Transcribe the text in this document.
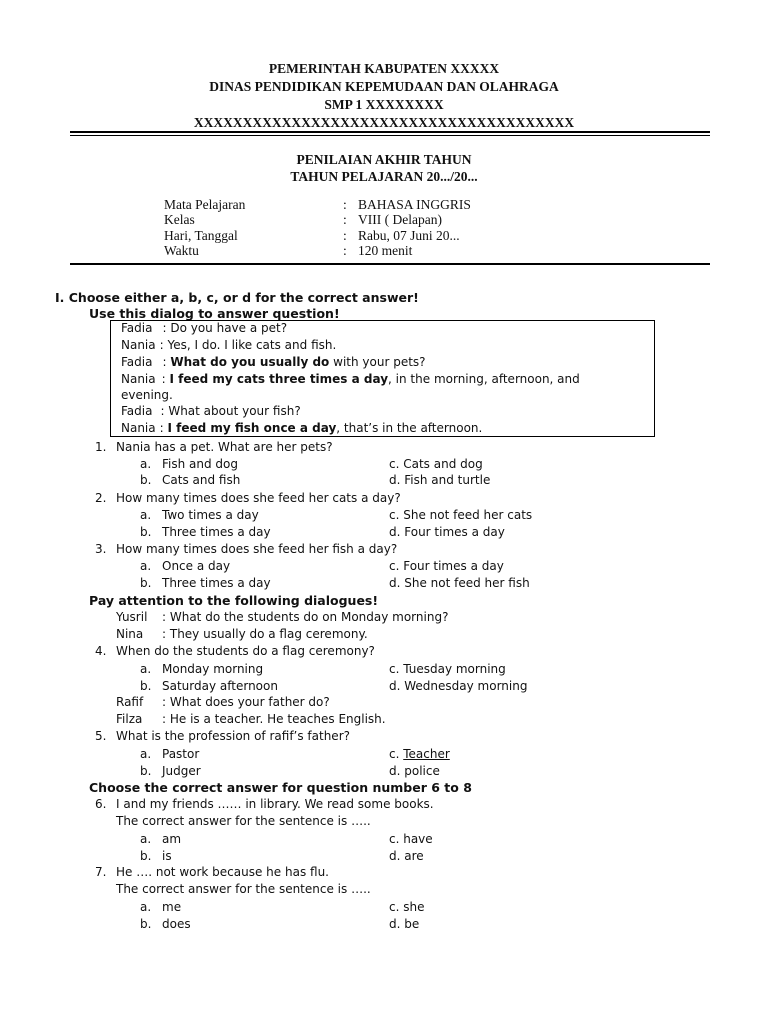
PEMERINTAH KABUPATEN XXXXX
DINAS PENDIDIKAN KEPEMUDAAN DAN OLAHRAGA
SMP 1 XXXXXXXX
XXXXXXXXXXXXXXXXXXXXXXXXXXXXXXXXXXXXXXX
PENILAIAN AKHIR TAHUN
TAHUN PELAJARAN 20.../20...
Mata Pelajaran	: BAHASA INGGRIS
Kelas	: VIII ( Delapan)
Hari, Tanggal	: Rabu, 07 Juni 20...
Waktu	: 120 menit
I. Choose either a, b, c, or d for the correct answer!
Use this dialog to answer question!
Fadia : Do you have a pet?
Nania : Yes, I do. I like cats and fish.
Fadia : What do you usually do with your pets?
Nania : I feed my cats three times a day, in the morning, afternoon, and
evening.
Fadia : What about your fish?
Nania : I feed my fish once a day, that’s in the afternoon.
1. Nania has a pet. What are her pets?
a. Fish and dog	c. Cats and dog
b. Cats and fish	d. Fish and turtle
2. How many times does she feed her cats a day?
a. Two times a day	c. She not feed her cats
b. Three times a day	d. Four times a day
3. How many times does she feed her fish a day?
a. Once a day	c. Four times a day
b. Three times a day	d. She not feed her fish
Pay attention to the following dialogues!
Yusril : What do the students do on Monday morning?
Nina : They usually do a flag ceremony.
4. When do the students do a flag ceremony?
a. Monday morning	c. Tuesday morning
b. Saturday afternoon	d. Wednesday morning
Rafif : What does your father do?
Filza : He is a teacher. He teaches English.
5. What is the profession of rafif’s father?
a. Pastor	c. Teacher
b. Judger	d. police
Choose the correct answer for question number 6 to 8
6. I and my friends …… in library. We read some books.
The correct answer for the sentence is …..
a. am	c. have
b. is	d. are
7. He …. not work because he has flu.
The correct answer for the sentence is …..
a. me	c. she
b. does	d. be
